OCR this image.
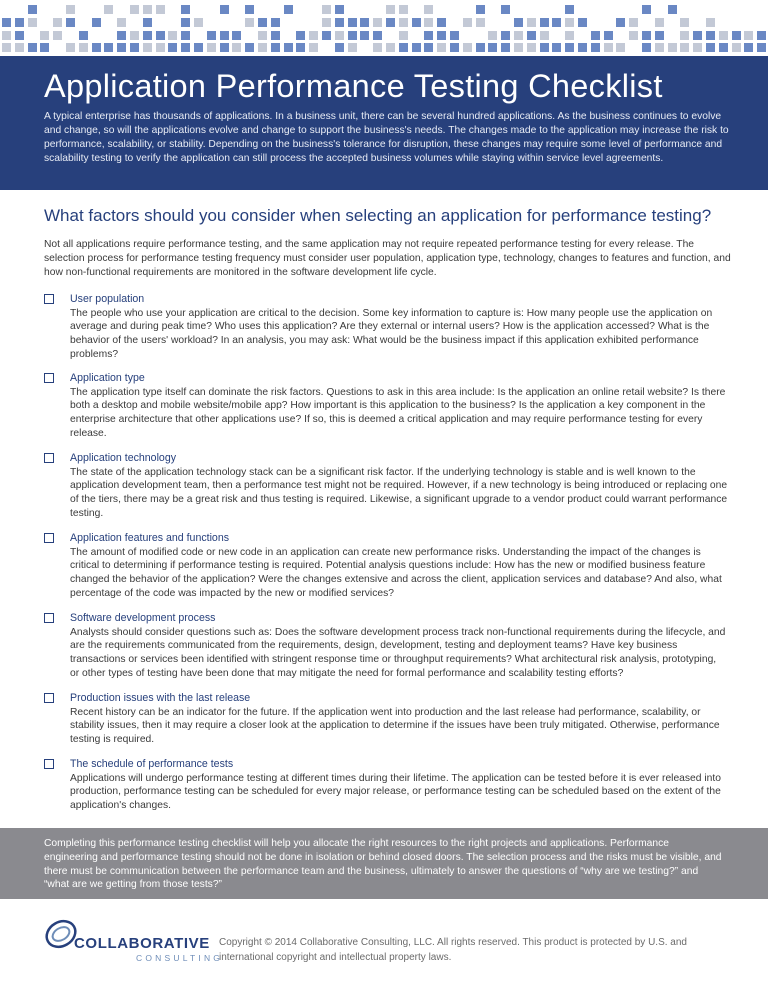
Application Performance Testing Checklist

A typical enterprise has thousands of applications. In a business unit, there can be several hundred applications. As the business continues to evolve and change, so will the applications evolve and change to support the business's needs. The changes made to the application may increase the risk to performance, scalability, or stability. Depending on the business's tolerance for disruption, these changes may require some level of performance and scalability testing to verify the application can still process the accepted business volumes while staying within service level agreements.

What factors should you consider when selecting an application for performance testing?

Not all applications require performance testing, and the same application may not require repeated performance testing for every release. The selection process for performance testing frequency must consider user population, application type, technology, changes to features and function, and how non-functional requirements are monitored in the software development life cycle.

User population

The people who use your application are critical to the decision. Some key information to capture is: How many people use the application on average and during peak time? Who uses this application? Are they external or internal users? How is the application accessed? What is the behavior of the users' workload? In an analysis, you may ask: What would be the business impact if this application exhibited performance problems?

Application type

The application type itself can dominate the risk factors. Questions to ask in this area include: Is the application an online retail website? Is there both a desktop and mobile website/mobile app? How important is this application to the business? Is the application a key component in the enterprise architecture that other applications use? If so, this is deemed a critical application and may require performance testing for every release.

Application technology

The state of the application technology stack can be a significant risk factor. If the underlying technology is stable and is well known to the application development team, then a performance test might not be required. However, if a new technology is being introduced or replacing one of the tiers, there may be a great risk and thus testing is required. Likewise, a significant upgrade to a vendor product could warrant performance testing.

Application features and functions

The amount of modified code or new code in an application can create new performance risks. Understanding the impact of the changes is critical to determining if performance testing is required. Potential analysis questions include: How has the new or modified business feature changed the behavior of the application? Were the changes extensive and across the client, application services and database? And also, what percentage of the code was impacted by the new or modified services?

Software development process

Analysts should consider questions such as: Does the software development process track non-functional requirements during the lifecycle, and are the requirements communicated from the requirements, design, development, testing and deployment teams? Have key business transactions or services been identified with stringent response time or throughput requirements? What architectural risk analysis, prototyping, or other types of testing have been done that may mitigate the need for formal performance and scalability testing efforts?

Production issues with the last release

Recent history can be an indicator for the future. If the application went into production and the last release had performance, scalability, or stability issues, then it may require a closer look at the application to determine if the issues have been truly mitigated. Otherwise, performance testing is required.

The schedule of performance tests

Applications will undergo performance testing at different times during their lifetime. The application can be tested before it is ever released into production, performance testing can be scheduled for every major release, or performance testing can be scheduled based on the extent of the application's changes.

Completing this performance testing checklist will help you allocate the right resources to the right projects and applications. Performance engineering and performance testing should not be done in isolation or behind closed doors. The selection process and the risks must be visible, and there must be communication between the performance team and the business, ultimately to answer the questions of “why are we testing?” and “what are we getting from those tests?”

COLLABORATIVE
CONSULTING

Copyright © 2014 Collaborative Consulting, LLC. All rights reserved. This product is protected by U.S. and international copyright and intellectual property laws.
